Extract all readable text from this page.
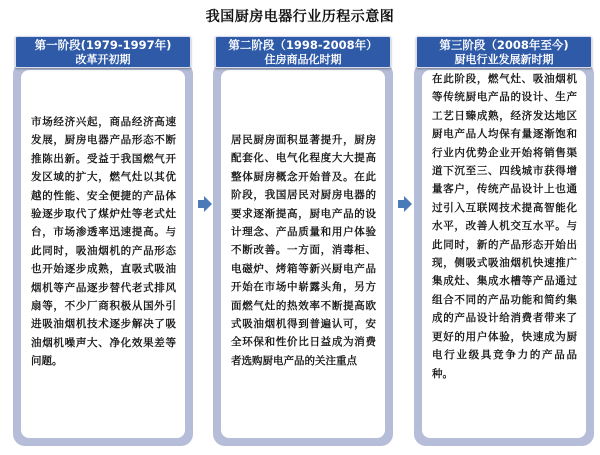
我国厨房电器行业历程示意图
市场经济兴起，商品经济高速发展，厨房电器产品形态不断推陈出新。受益于我国燃气开发区域的扩大，燃气灶以其优越的性能、安全便捷的产品体验逐步取代了煤炉灶等老式灶台，市场渗透率迅速提高。与此同时，吸油烟机的产品形态也开始逐步成熟，直吸式吸油烟机等产品逐步替代老式排风扇等，不少厂商积极从国外引进吸油烟机技术逐步解决了吸油烟机噪声大、净化效果差等问题。
第一阶段(1979-1997年)
改革开初期
居民厨房面积显著提升，厨房配套化、电气化程度大大提高整体厨房概念开始普及。在此阶段，我国居民对厨房电器的要求逐渐提高，厨电产品的设计理念、产品质量和用户体验不断改善。一方面，消毒柜、电磁炉、烤箱等新兴厨电产品开始在市场中崭露头角，另方面燃气灶的热效率不断提高欧式吸油烟机得到普遍认可，安全环保和性价比日益成为消费者选购厨电产品的关注重点
第二阶段（1998-2008年）
住房商品化时期
在此阶段，燃气灶、吸油烟机等传统厨电产品的设计、生产工艺日臻成熟，经济发达地区厨电产品人均保有量逐渐饱和行业内优势企业开始将销售渠道下沉至三、四线城市获得增量客户，传统产品设计上也通过引入互联网技术提高智能化水平，改善人机交互水平。与此同时，新的产品形态开始出现，侧吸式吸油烟机快速推广集成灶、集成水槽等产品通过组合不同的产品功能和简约集成的产品设计给消费者带来了更好的用户体验，快速成为厨电行业级具竞争力的产品品种。
第三阶段（2008年至今)
厨电行业发展新时期
